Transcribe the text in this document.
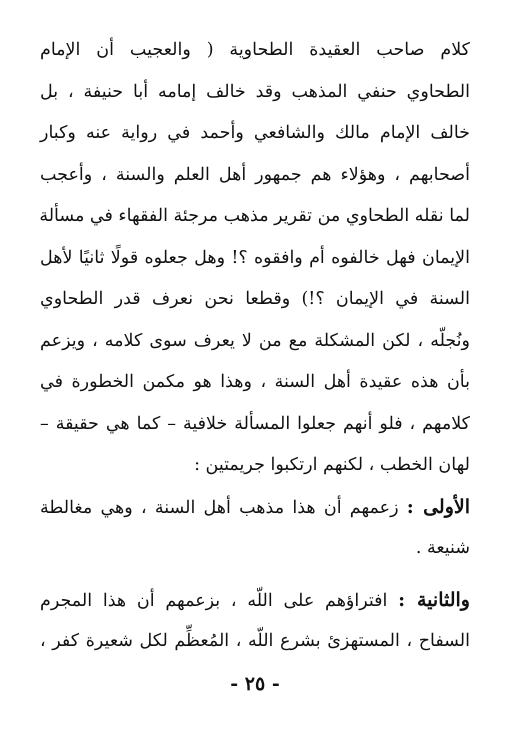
كلام صاحب العقيدة الطحاوية ( والعجيب أن الإمام
الطحاوي حنفي المذهب وقد خالف إمامه أبا حنيفة ، بل
خالف الإمام مالك والشافعي وأحمد في رواية عنه وكبار
أصحابهم ، وهؤلاء هم جمهور أهل العلم والسنة ، وأعجب
لما نقله الطحاوي من تقرير مذهب مرجئة الفقهاء في مسألة
الإيمان فهل خالفوه أم وافقوه ؟! وهل جعلوه قولًا ثانيًا لأهل
السنة في الإيمان ؟!) وقطعا نحن نعرف قدر الطحاوي
ونُجلّه ، لكن المشكلة مع من لا يعرف سوى كلامه ، ويزعم
بأن هذه عقيدة أهل السنة ، وهذا هو مكمن الخطورة في
كلامهم ، فلو أنهم جعلوا المسألة خلافية – كما هي حقيقة –
لهان الخطب ، لكنهم ارتكبوا جريمتين :
الأولى : زعمهم أن هذا مذهب أهل السنة ، وهي مغالطة
شنيعة .
والثانية : افتراؤهم على اللّه ، بزعمهم أن هذا المجرم
السفاح ، المستهزئ بشرع اللّه ، المُعظِّم لكل شعيرة كفر ،
- ٢٥ -
